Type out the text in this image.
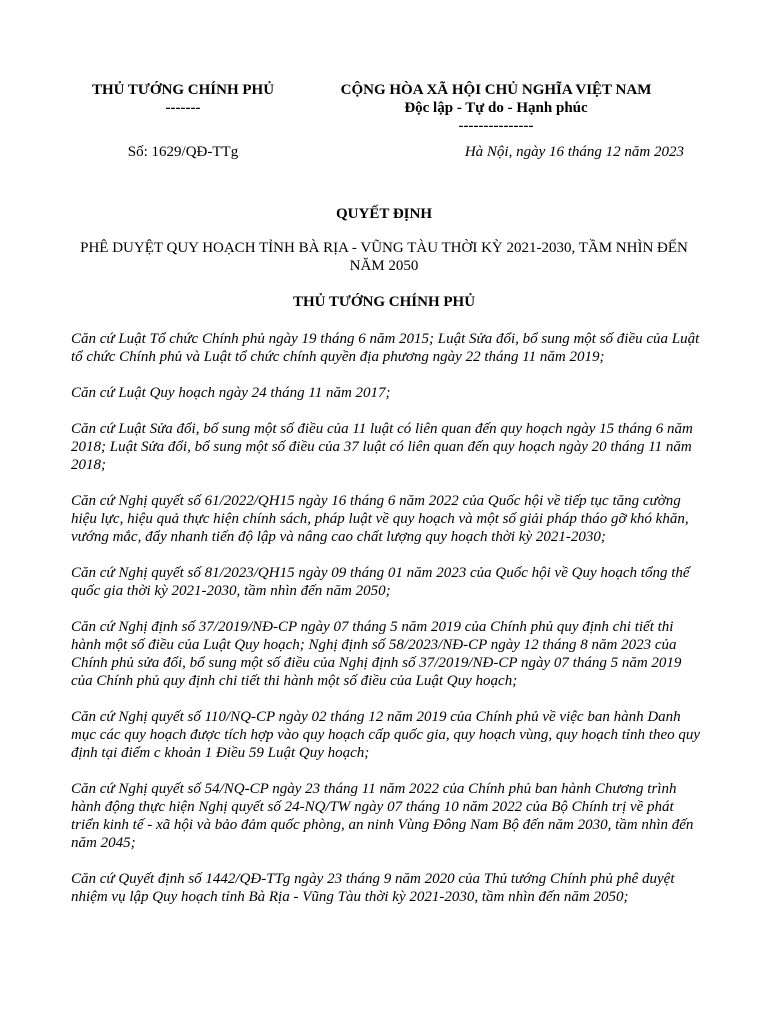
THỦ TƯỚNG CHÍNH PHỦ
-------
CỘNG HÒA XÃ HỘI CHỦ NGHĨA VIỆT NAM
Độc lập - Tự do - Hạnh phúc
---------------
Số: 1629/QĐ-TTg	Hà Nội, ngày 16 tháng 12 năm 2023
QUYẾT ĐỊNH
PHÊ DUYỆT QUY HOẠCH TỈNH BÀ RỊA - VŨNG TÀU THỜI KỲ 2021-2030, TẦM NHÌN ĐẾN NĂM 2050
THỦ TƯỚNG CHÍNH PHỦ

Căn cứ Luật Tổ chức Chính phủ ngày 19 tháng 6 năm 2015; Luật Sửa đổi, bổ sung một số điều của Luật tổ chức Chính phủ và Luật tổ chức chính quyền địa phương ngày 22 tháng 11 năm 2019;

Căn cứ Luật Quy hoạch ngày 24 tháng 11 năm 2017;

Căn cứ Luật Sửa đổi, bổ sung một số điều của 11 luật có liên quan đến quy hoạch ngày 15 tháng 6 năm 2018; Luật Sửa đổi, bổ sung một số điều của 37 luật có liên quan đến quy hoạch ngày 20 tháng 11 năm 2018;

Căn cứ Nghị quyết số 61/2022/QH15 ngày 16 tháng 6 năm 2022 của Quốc hội về tiếp tục tăng cường hiệu lực, hiệu quả thực hiện chính sách, pháp luật về quy hoạch và một số giải pháp tháo gỡ khó khăn, vướng mắc, đẩy nhanh tiến độ lập và nâng cao chất lượng quy hoạch thời kỳ 2021-2030;

Căn cứ Nghị quyết số 81/2023/QH15 ngày 09 tháng 01 năm 2023 của Quốc hội về Quy hoạch tổng thể quốc gia thời kỳ 2021-2030, tầm nhìn đến năm 2050;

Căn cứ Nghị định số 37/2019/NĐ-CP ngày 07 tháng 5 năm 2019 của Chính phủ quy định chi tiết thi hành một số điều của Luật Quy hoạch; Nghị định số 58/2023/NĐ-CP ngày 12 tháng 8 năm 2023 của Chính phủ sửa đổi, bổ sung một số điều của Nghị định số 37/2019/NĐ-CP ngày 07 tháng 5 năm 2019 của Chính phủ quy định chi tiết thi hành một số điều của Luật Quy hoạch;

Căn cứ Nghị quyết số 110/NQ-CP ngày 02 tháng 12 năm 2019 của Chính phủ về việc ban hành Danh mục các quy hoạch được tích hợp vào quy hoạch cấp quốc gia, quy hoạch vùng, quy hoạch tỉnh theo quy định tại điểm c khoản 1 Điều 59 Luật Quy hoạch;

Căn cứ Nghị quyết số 54/NQ-CP ngày 23 tháng 11 năm 2022 của Chính phủ ban hành Chương trình hành động thực hiện Nghị quyết số 24-NQ/TW ngày 07 tháng 10 năm 2022 của Bộ Chính trị về phát triển kinh tế - xã hội và bảo đảm quốc phòng, an ninh Vùng Đông Nam Bộ đến năm 2030, tầm nhìn đến năm 2045;

Căn cứ Quyết định số 1442/QĐ-TTg ngày 23 tháng 9 năm 2020 của Thủ tướng Chính phủ phê duyệt nhiệm vụ lập Quy hoạch tỉnh Bà Rịa - Vũng Tàu thời kỳ 2021-2030, tầm nhìn đến năm 2050;
